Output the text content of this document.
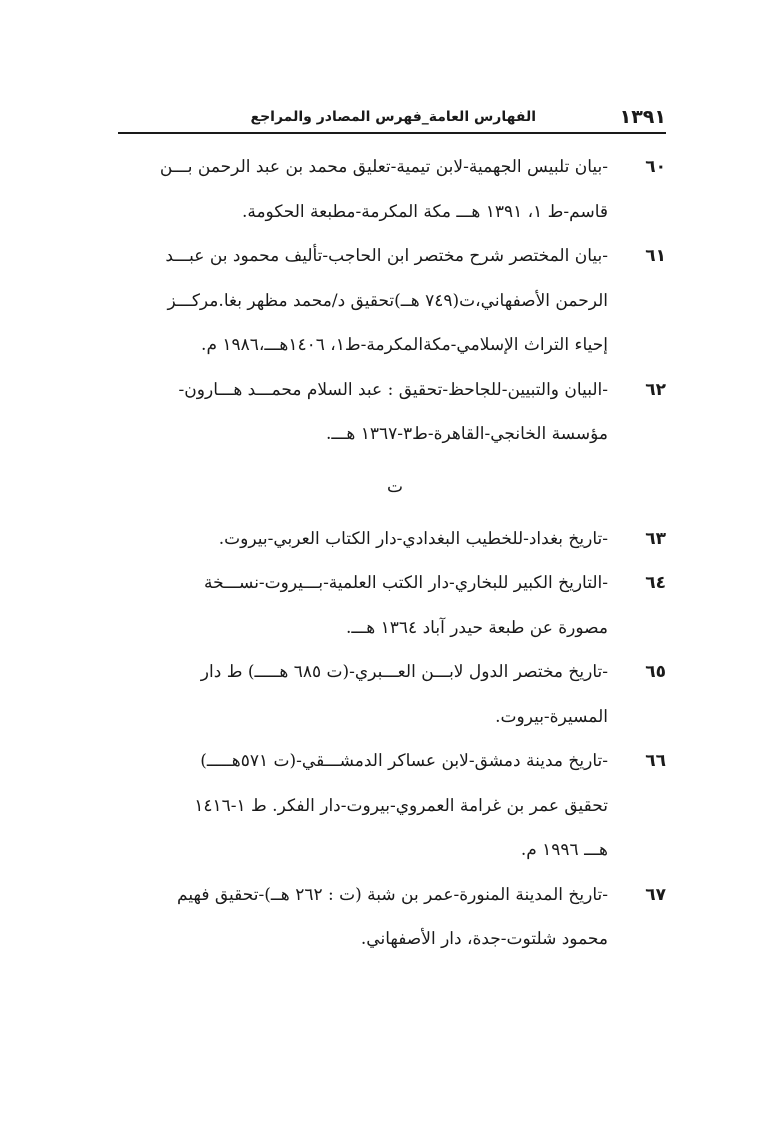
١٣٩١
الفهارس العامة_فهرس المصادر والمراجع
٦٠
-بيان تلبيس الجهمية-لابن تيمية-تعليق محمد بن عبد الرحمن بـــن
قاسم-ط ١، ١٣٩١ هـــ مكة المكرمة-مطبعة الحكومة.
٦١
-بيان المختصر شرح مختصر ابن الحاجب-تأليف محمود بن عبـــد
الرحمن الأصفهاني،ت(٧٤٩ هــ)تحقيق د/محمد مظهر بغا.مركـــز
إحياء التراث الإسلامي-مكةالمكرمة-ط١، ١٤٠٦هـــ،١٩٨٦ م.
٦٢
-البيان والتبيين-للجاحظ-تحقيق : عبد السلام محمـــد هـــارون-
مؤسسة الخانجي-القاهرة-ط٣-١٣٦٧ هـــ.
ت
٦٣
-تاريخ بغداد-للخطيب البغدادي-دار الكتاب العربي-بيروت.
٦٤
-التاريخ الكبير للبخاري-دار الكتب العلمية-بـــيروت-نســـخة
مصورة عن طبعة حيدر آباد ١٣٦٤ هـــ.
٦٥
-تاريخ مختصر الدول لابـــن العـــبري-(ت ٦٨٥ هـــــ) ط دار
المسيرة-بيروت.
٦٦
-تاريخ مدينة دمشق-لابن عساكر الدمشـــقي-(ت ٥٧١هـــــ)
تحقيق عمر بن غرامة العمروي-بيروت-دار الفكر. ط ١-١٤١٦
هـــ ١٩٩٦ م.
٦٧
-تاريخ المدينة المنورة-عمر بن شبة (ت : ٢٦٢ هــ)-تحقيق فهيم
محمود شلتوت-جدة، دار الأصفهاني.
